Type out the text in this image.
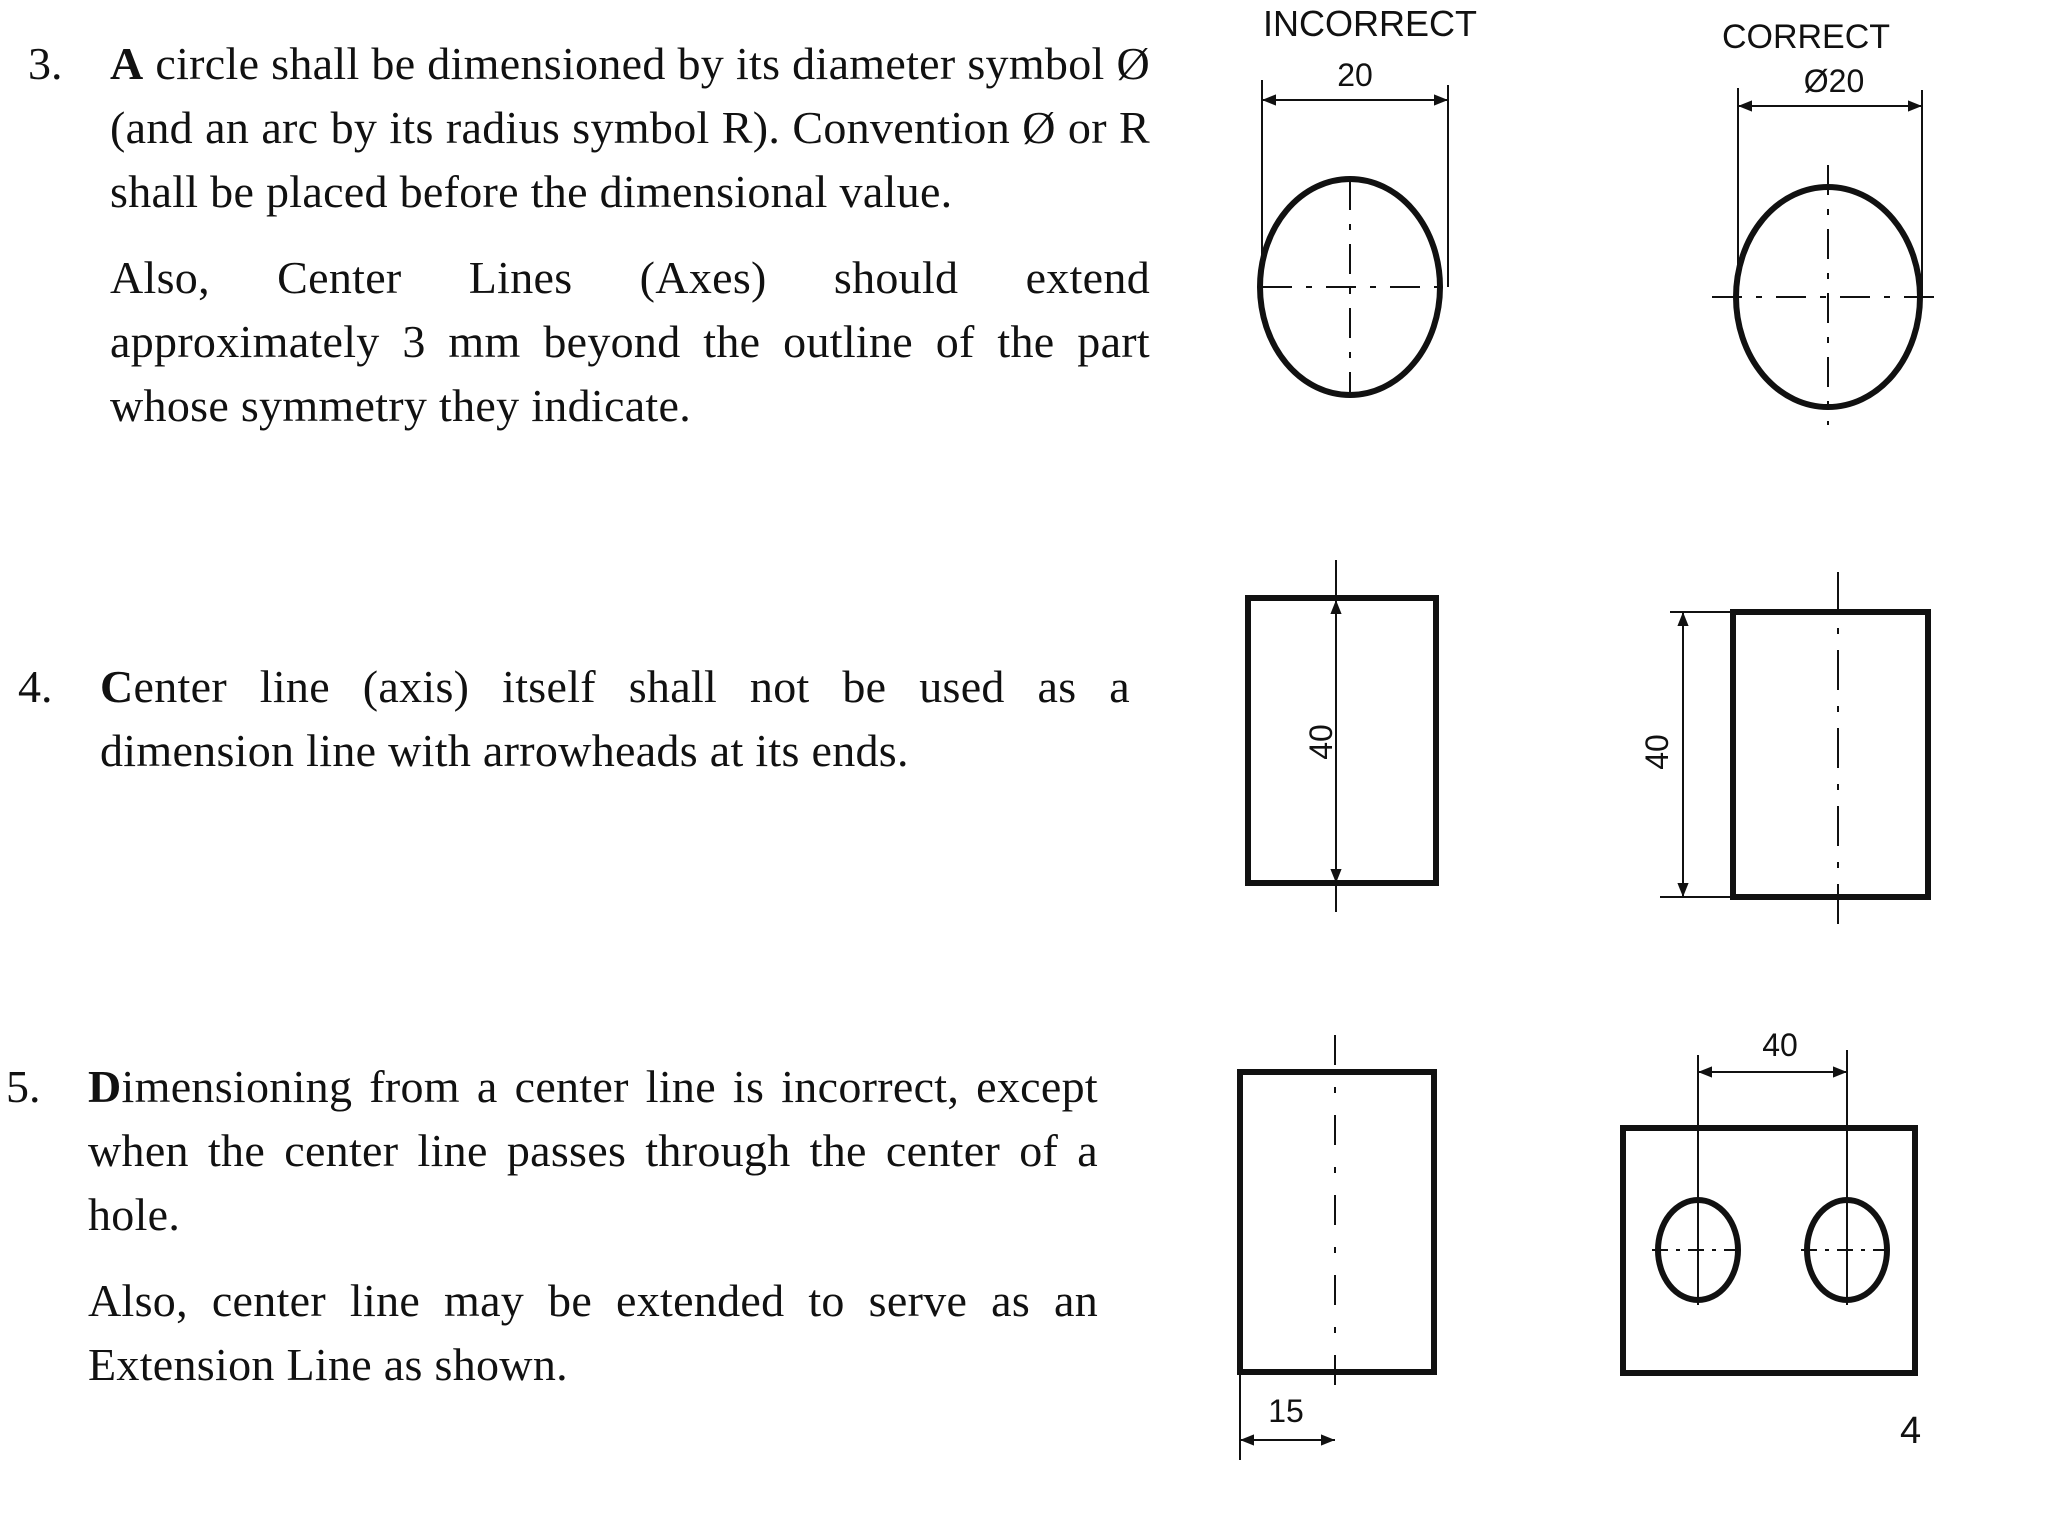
3. A circle shall be dimensioned by its diameter symbol Ø (and an arc by its radius symbol R). Convention Ø or R shall be placed before the dimensional value.

Also, Center Lines (Axes) should extend approximately 3 mm beyond the outline of the part whose symmetry they indicate.

4. Center line (axis) itself shall not be used as a dimension line with arrowheads at its ends.

5. Dimensioning from a center line is incorrect, except when the center line passes through the center of a hole.

Also, center line may be extended to serve as an Extension Line as shown.

INCORRECT	CORRECT
20	Ø20
40	40
15
40
4
